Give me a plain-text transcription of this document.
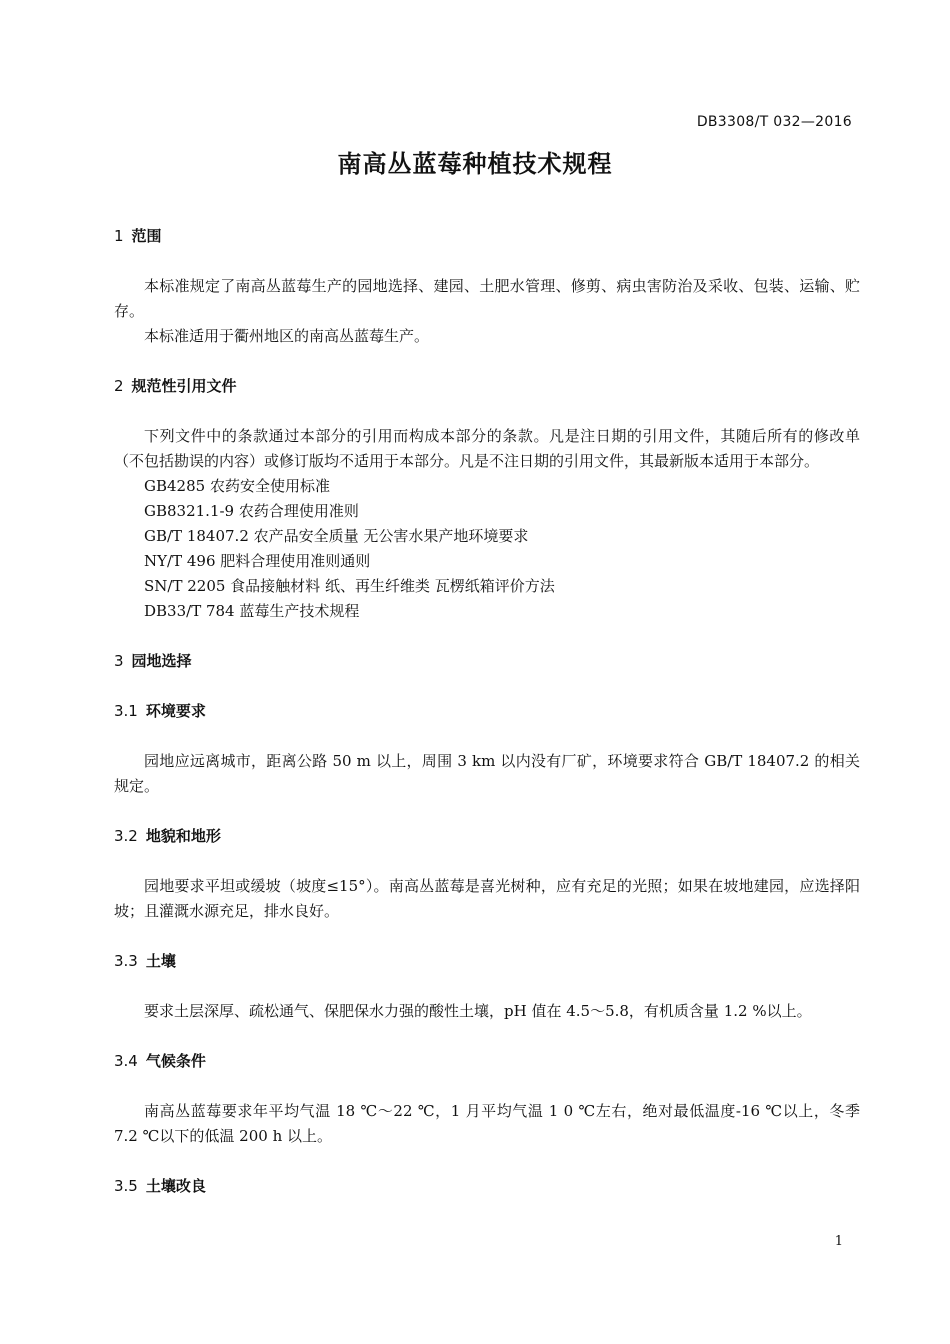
DB3308/T 032—2016
南高丛蓝莓种植技术规程
1 范围

本标准规定了南高丛蓝莓生产的园地选择、建园、土肥水管理、修剪、病虫害防治及采收、包装、运输、贮存。

本标准适用于衢州地区的南高丛蓝莓生产。

2 规范性引用文件

下列文件中的条款通过本部分的引用而构成本部分的条款。凡是注日期的引用文件，其随后所有的修改单（不包括勘误的内容）或修订版均不适用于本部分。凡是不注日期的引用文件，其最新版本适用于本部分。

GB4285 农药安全使用标准

GB8321.1-9 农药合理使用准则

GB/T 18407.2 农产品安全质量 无公害水果产地环境要求

NY/T 496 肥料合理使用准则通则

SN/T 2205 食品接触材料 纸、再生纤维类 瓦楞纸箱评价方法

DB33/T 784 蓝莓生产技术规程

3 园地选择
3.1 环境要求

园地应远离城市，距离公路 50 m 以上，周围 3 km 以内没有厂矿，环境要求符合 GB/T 18407.2 的相关规定。

3.2 地貌和地形

园地要求平坦或缓坡（坡度≤15°）。南高丛蓝莓是喜光树种，应有充足的光照；如果在坡地建园，应选择阳坡；且灌溉水源充足，排水良好。

3.3 土壤

要求土层深厚、疏松通气、保肥保水力强的酸性土壤，pH 值在 4.5～5.8，有机质含量 1.2 %以上。

3.4 气候条件

南高丛蓝莓要求年平均气温 18 ℃～22 ℃，1 月平均气温 1 0 ℃左右，绝对最低温度-16 ℃以上，冬季 7.2 ℃以下的低温 200 h 以上。

3.5 土壤改良
1
